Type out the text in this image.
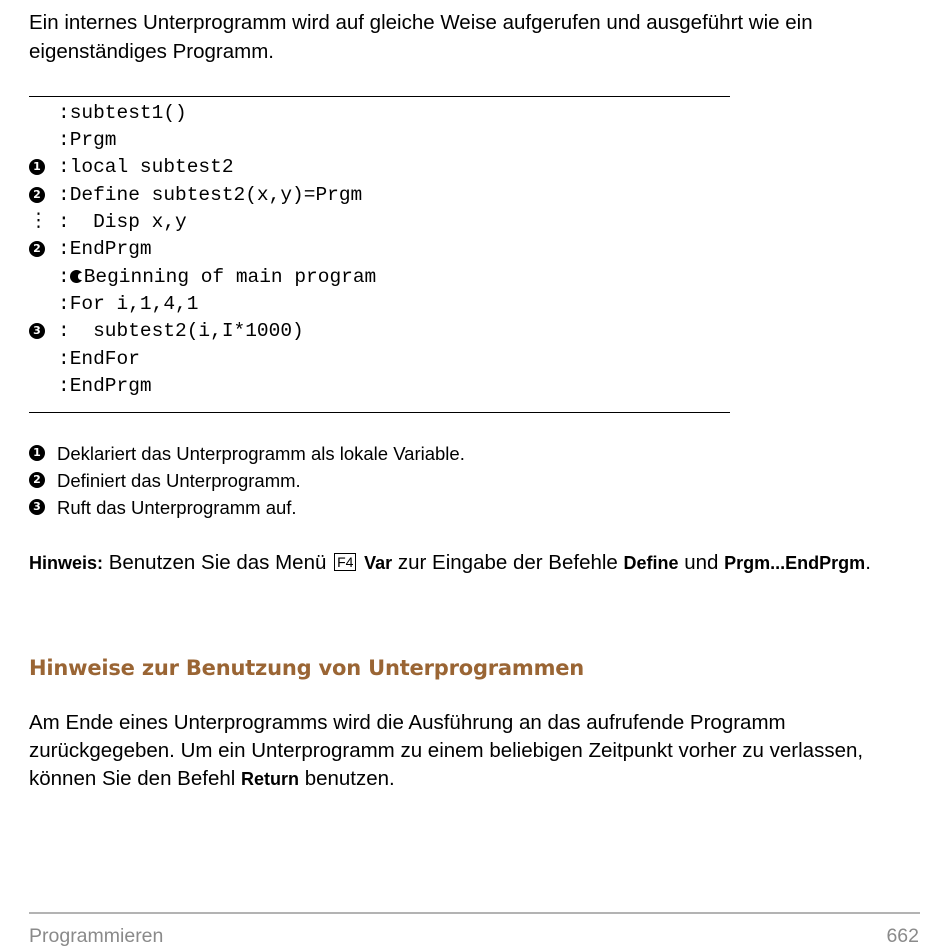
Ein internes Unterprogramm wird auf gleiche Weise aufgerufen und ausgeführt wie ein eigenständiges Programm.

:subtest1()
:Prgm
1 :local subtest2
2 :Define subtest2(x,y)=Prgm
⋮ :  Disp x,y
2 :EndPrgm
: Beginning of main program
:For i,1,4,1
3 :  subtest2(i,I*1000)
:EndFor
:EndPrgm
1 Deklariert das Unterprogramm als lokale Variable.
2 Definiert das Unterprogramm.
3 Ruft das Unterprogramm auf.

Hinweis: Benutzen Sie das Menü F4 Var zur Eingabe der Befehle Define und Prgm...EndPrgm.

Hinweise zur Benutzung von Unterprogrammen

Am Ende eines Unterprogramms wird die Ausführung an das aufrufende Programm zurückgegeben. Um ein Unterprogramm zu einem beliebigen Zeitpunkt vorher zu verlassen, können Sie den Befehl Return benutzen.

Programmieren	662
